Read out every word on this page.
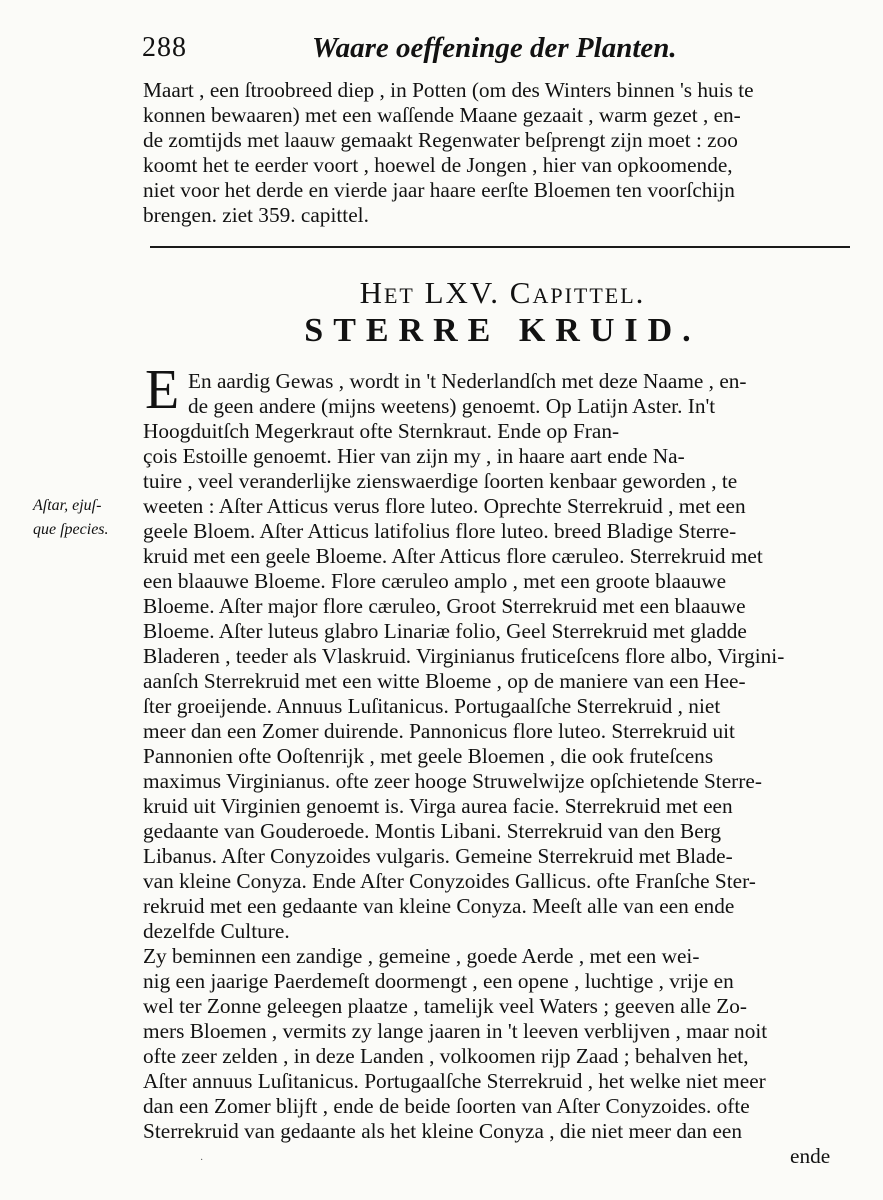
288	Waare oeffeninge der Planten.
Maart , een ſtroobreed diep , in Potten (om des Winters binnen 's huis te
konnen bewaaren) met een waſſende Maane gezaait , warm gezet , en-
de zomtijds met laauw gemaakt Regenwater beſprengt zijn moet : zoo
koomt het te eerder voort , hoewel de Jongen , hier van opkoomende,
niet voor het derde en vierde jaar haare eerſte Bloemen ten voorſchijn
brengen. ziet 359. capittel.
Het LXV. Capittel.
STERRE KRUID.
E
Aſtar, ejuſ-
que ſpecies.
En aardig Gewas , wordt in 't Nederlandſch met deze Naame , en-
de geen andere (mijns weetens) genoemt. Op Latijn Aster. In't
Hoogduitſch Megerkraut ofte Sternkraut. Ende op Fran-
çois Estoille genoemt. Hier van zijn my , in haare aart ende Na-
tuire , veel veranderlijke zienswaerdige ſoorten kenbaar geworden , te
weeten : Aſter Atticus verus flore luteo. Oprechte Sterrekruid , met een
geele Bloem. Aſter Atticus latifolius flore luteo. breed Bladige Sterre-
kruid met een geele Bloeme. Aſter Atticus flore cæruleo. Sterrekruid met
een blaauwe Bloeme. Flore cæruleo amplo , met een groote blaauwe
Bloeme. Aſter major flore cæruleo, Groot Sterrekruid met een blaauwe
Bloeme. Aſter luteus glabro Linariæ folio, Geel Sterrekruid met gladde
Bladeren , teeder als Vlaskruid. Virginianus fruticeſcens flore albo, Virgini-
aanſch Sterrekruid met een witte Bloeme , op de maniere van een Hee-
ſter groeijende. Annuus Luſitanicus. Portugaalſche Sterrekruid , niet
meer dan een Zomer duirende. Pannonicus flore luteo. Sterrekruid uit
Pannonien ofte Ooſtenrijk , met geele Bloemen , die ook fruteſcens
maximus Virginianus. ofte zeer hooge Struwelwijze opſchietende Sterre-
kruid uit Virginien genoemt is. Virga aurea facie. Sterrekruid met een
gedaante van Gouderoede. Montis Libani. Sterrekruid van den Berg
Libanus. Aſter Conyzoides vulgaris. Gemeine Sterrekruid met Blade-
van kleine Conyza. Ende Aſter Conyzoides Gallicus. ofte Franſche Ster-
rekruid met een gedaante van kleine Conyza. Meeſt alle van een ende
dezelfde Culture.
Zy beminnen een zandige , gemeine , goede Aerde , met een wei-
nig een jaarige Paerdemeſt doormengt , een opene , luchtige , vrije en
wel ter Zonne geleegen plaatze , tamelijk veel Waters ; geeven alle Zo-
mers Bloemen , vermits zy lange jaaren in 't leeven verblijven , maar noit
ofte zeer zelden , in deze Landen , volkoomen rijp Zaad ; behalven het,
Aſter annuus Luſitanicus. Portugaalſche Sterrekruid , het welke niet meer
dan een Zomer blijft , ende de beide ſoorten van Aſter Conyzoides. ofte
Sterrekruid van gedaante als het kleine Conyza , die niet meer dan een
ende
·
